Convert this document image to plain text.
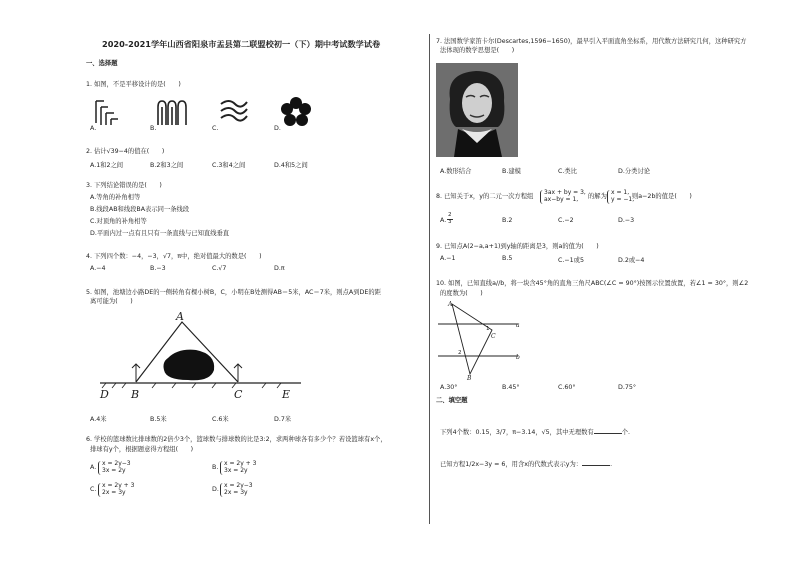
2020-2021学年山西省阳泉市盂县第二联盟校初一（下）期中考试数学试卷
一、选择题
1. 如图，不是平移设计的是(　　)
A.	B.	C.	D.
2. 估计√39−4的值在(　　)
A.1和2之间	B.2和3之间	C.3和4之间	D.4和5之间
3. 下列结论错误的是(　　)
A.等角的补角相等
B.线段AB和线段BA表示同一条线段
C.对顶角的补角相等
D.平面内过一点有且只有一条直线与已知直线垂直
4. 下列四个数：−4，−3，√7，π中，绝对值最大的数是(　　)
A.−4	B.−3	C.√7	D.π
5. 如图，池塘边小路DE的一侧转角有棵小树B，C，小明在B处测得AB＝5米，AC＝7米，则点A到DE的距
离可能为(　　)
A
B	C
D	E
A.4米	B.5米	C.6米	D.7米
6. 学校的篮球数比排球数的2倍少3个，篮球数与排球数的比是3:2，求两种球各有多少个？若设篮球有x个，
排球有y个，根据题意得方程组(　　)
A.
x = 2y−3
3x = 2y	B.
x = 2y + 3
3x = 2y
C.
x = 2y + 3
2x = 3y	D.
x = 2y−3
2x = 3y
7. 法国数学家笛卡尔(Descartes,1596−1650)，最早引入平面直角坐标系，用代数方法研究几何，这种研究方
法体现的数学思想是(　　)
A.数形结合	B.建模	C.类比	D.分类讨论
8. 已知关于x，y的二元一次方程组
3ax + by = 3,
ax−by = 1, 的解为
x = 1,
y = −1,
则a−2b的值是(　　)
A.
2
3	B.2	C.−2	D.−3
9. 已知点A(2−a,a+1)到y轴的距离是3，则a的值为(　　)
A.−1	B.5	C.−1或5	D.2或−4
10. 如图，已知直线a//b，将一块含45°角的直角三角尺ABC(∠C = 90°)按图示位置放置，若∠1 = 30°，则∠2
的度数为(　　)
A
B
C
a
b
1
2
A.30°	B.45°	C.60°	D.75°
二、填空题
下列4个数：0.15，3/7，π−3.14，√5，其中无理数有	个.
已知方程1/2x−3y = 6，用含x的代数式表示y为：	.
